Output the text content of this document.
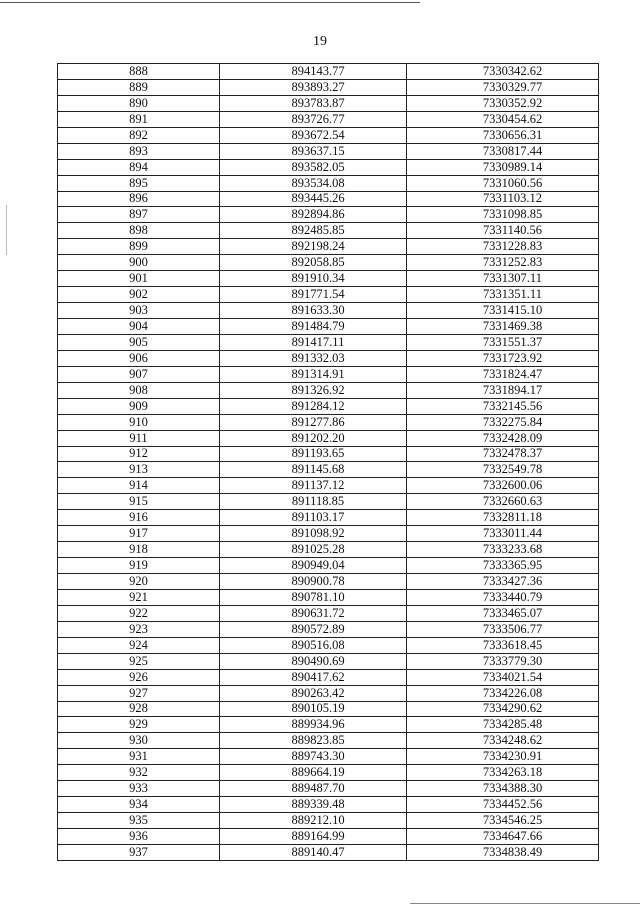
19
888	894143.77	7330342.62
889	893893.27	7330329.77
890	893783.87	7330352.92
891	893726.77	7330454.62
892	893672.54	7330656.31
893	893637.15	7330817.44
894	893582.05	7330989.14
895	893534.08	7331060.56
896	893445.26	7331103.12
897	892894.86	7331098.85
898	892485.85	7331140.56
899	892198.24	7331228.83
900	892058.85	7331252.83
901	891910.34	7331307.11
902	891771.54	7331351.11
903	891633.30	7331415.10
904	891484.79	7331469.38
905	891417.11	7331551.37
906	891332.03	7331723.92
907	891314.91	7331824.47
908	891326.92	7331894.17
909	891284.12	7332145.56
910	891277.86	7332275.84
911	891202.20	7332428.09
912	891193.65	7332478.37
913	891145.68	7332549.78
914	891137.12	7332600.06
915	891118.85	7332660.63
916	891103.17	7332811.18
917	891098.92	7333011.44
918	891025.28	7333233.68
919	890949.04	7333365.95
920	890900.78	7333427.36
921	890781.10	7333440.79
922	890631.72	7333465.07
923	890572.89	7333506.77
924	890516.08	7333618.45
925	890490.69	7333779.30
926	890417.62	7334021.54
927	890263.42	7334226.08
928	890105.19	7334290.62
929	889934.96	7334285.48
930	889823.85	7334248.62
931	889743.30	7334230.91
932	889664.19	7334263.18
933	889487.70	7334388.30
934	889339.48	7334452.56
935	889212.10	7334546.25
936	889164.99	7334647.66
937	889140.47	7334838.49
